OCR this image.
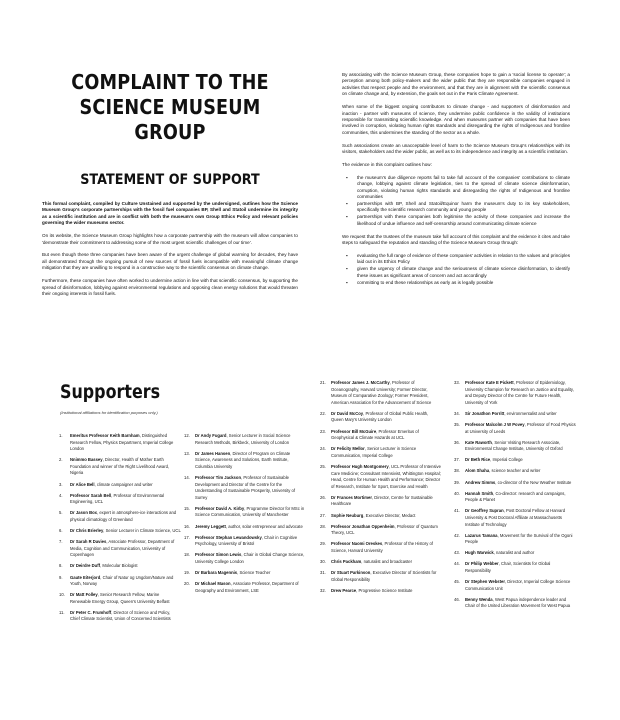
COMPLAINT TO THE
SCIENCE MUSEUM
GROUP
STATEMENT OF SUPPORT

This formal complaint, compiled by Culture Unstained and supported by the undersigned, outlines how the Science Museum Group's corporate partnerships with the fossil fuel companies BP, Shell and Statoil undermine its integrity as a scientific institution and are in conflict with both the museum's own Group Ethics Policy and relevant policies governing the wider museums sector.

On its website, the Science Museum Group highlights how a corporate partnership with the museum will allow companies to 'demonstrate their commitment to addressing some of the most urgent scientific challenges of our time'.

But even though these three companies have been aware of the urgent challenge of global warming for decades, they have all demonstrated through the ongoing pursuit of new sources of fossil fuels incompatible with meaningful climate change mitigation that they are unwilling to respond in a constructive way to the scientific consensus on climate change.

Furthermore, these companies have often worked to undermine action in line with that scientific consensus, by supporting the spread of disinformation, lobbying against environmental regulations and opposing clean energy solutions that would threaten their ongoing interests in fossil fuels.

By associating with the Science Museum Group, these companies hope to gain a 'social license to operate'; a perception among both policy-makers and the wider public that they are responsible companies engaged in activities that respect people and the environment, and that they are in alignment with the scientific consensus on climate change and, by extension, the goals set out in the Paris Climate Agreement.

When some of the biggest ongoing contributors to climate change - and supporters of disinformation and inaction - partner with museums of science, they undermine public confidence in the validity of institutions responsible for transmitting scientific knowledge. And when museums partner with companies that have been involved in corruption, violating human rights standards and disregarding the rights of Indigenous and frontline communities, this undermines the standing of the sector as a whole.

Such associations create an unacceptable level of harm to the Science Museum Group's relationships with its visitors, stakeholders and the wider public, as well as to its independence and integrity as a scientific institution.

The evidence in this complaint outlines how:

▪ the museum's due diligence reports fail to take full account of the companies' contributions to climate change, lobbying against climate legislation, ties to the spread of climate science disinformation, corruption, violating human rights standards and disregarding the rights of Indigenous and frontline communities
▪ partnerships with BP, Shell and Statoil/Equinor harm the museum's duty to its key stakeholders, specifically the scientific research community and young people
▪ partnerships with these companies both legitimise the activity of these companies and increase the likelihood of undue influence and self-censorship around communicating climate science

We request that the trustees of the museum take full account of this complaint and the evidence it cites and take steps to safeguard the reputation and standing of the Science Museum Group through:

▪ evaluating the full range of evidence of these companies' activities in relation to the values and principles laid out in its Ethics Policy
▪ given the urgency of climate change and the seriousness of climate science disinformation, to identify these issues as significant areas of concern and act accordingly
▪ committing to end these relationships as early as is legally possible
Supporters
(Institutional affiliations for identification purposes only.)
1. Emeritus Professor Keith Barnham, Distinguished Research Fellow, Physics Department, Imperial College London
2. Nnimmo Bassey, Director, Health of Mother Earth Foundation and winner of the Right Livelihood Award, Nigeria
3. Dr Alice Bell, climate campaigner and writer
4. Professor Sarah Bell, Professor of Environmental Engineering, UCL
5. Dr Jason Box, expert in atmosphere-ice interactions and physical climatology of Greenland
6. Dr Chris Brierley, Senior Lecturer in Climate Science, UCL
7. Dr Sarah R Davies, Associate Professor, Department of Media, Cognition and Communication, University of Copenhagen
8. Dr Deirdre Duff, Molecular Biologist
9. Gaute Eiterjord, Chair of Natur og Ungdom/Nature and Youth, Norway
10. Dr Matt Folley, Senior Research Fellow, Marine Renewable Energy Group, Queen's University Belfast
11. Dr Peter C. Frumhoff, Director of Science and Policy, Chief Climate Scientist, Union of Concerned Scientists
12. Dr Andy Fugard, Senior Lecturer in Social Science Research Methods, Birkbeck, University of London
13. Dr James Hansen, Director of Program on Climate Science, Awareness and Solutions, Earth Institute, Columbia University
14. Professor Tim Jackson, Professor of Sustainable Development and Director of the Centre for the Understanding of Sustainable Prosperity, University of Surrey
15. Professor David A. Kirby, Programme Director for MSc in Science Communication, University of Manchester
16. Jeremy Leggett, author, solar entrepreneur and advocate
17. Professor Stephan Lewandowsky, Chair in Cognitive Psychology, University of Bristol
18. Professor Simon Lewis, Chair in Global Change Science, University College London
19. Dr Barbara Magennis, Science Teacher
20. Dr Michael Mason, Associate Professor, Department of Geography and Environment, LSE
21. Professor James J. McCarthy, Professor of Oceanography, Harvard University; Former Director, Museum of Comparative Zoology; Former President, American Association for the Advancement of Science
22. Dr David McCoy, Professor of Global Public Health, Queen Mary's University London
23. Professor Bill McGuire, Professor Emeritus of Geophysical & Climate Hazards at UCL
24. Dr Felicity Mellor, Senior Lecturer in Science Communication, Imperial College
25. Professor Hugh Montgomery, UCL Professor of Intensive Care Medicine; Consultant Intensivist, Whittington Hospital; Head, Centre for Human Health and Performance; Director of Research, Institute for Sport, Exercise and Health
26. Dr Frances Mortimer, Director, Centre for Sustainable Healthcare
27. Sophie Neuburg, Executive Director, Medact
28. Professor Jonathan Oppenheim, Professor of Quantum Theory, UCL
29. Professor Naomi Oreskes, Professor of the History of Science, Harvard University
30. Chris Packham, naturalist and broadcaster
31. Dr Stuart Parkinson, Executive Director of Scientists for Global Responsibility
32. Drew Pearce, Progressive Science Institute
33. Professor Kate E Pickett, Professor of Epidemiology, University Champion for Research on Justice and Equality, and Deputy Director of the Centre for Future Health, University of York
34. Sir Jonathon Porritt, environmentalist and writer
35. Professor Malcolm J W Povey, Professor of Food Physics at University of Leeds
36. Kate Raworth, Senior Visiting Research Associate, Environmental Change Institute, University of Oxford
37. Dr Beth Rice, Imperial College
38. Alom Shaha, science teacher and writer
39. Andrew Simms, co-director of the New Weather Institute
40. Hannah Smith, Co-director: research and campaigns, People & Planet
41. Dr Geoffrey Supran, Post Doctoral Fellow at Harvard University & Post Doctoral Affiliate at Massachusetts Institute of Technology
42. Lazarus Tamana, Movement for the Survival of the Ogoni People
43. Hugh Warwick, naturalist and author
44. Dr Philip Webber, Chair, Scientists for Global Responsibility
45. Dr Stephen Webster, Director, Imperial College Science Communication Unit
46. Benny Wenda, West Papua independence leader and Chair of the United Liberation Movement for West Papua
